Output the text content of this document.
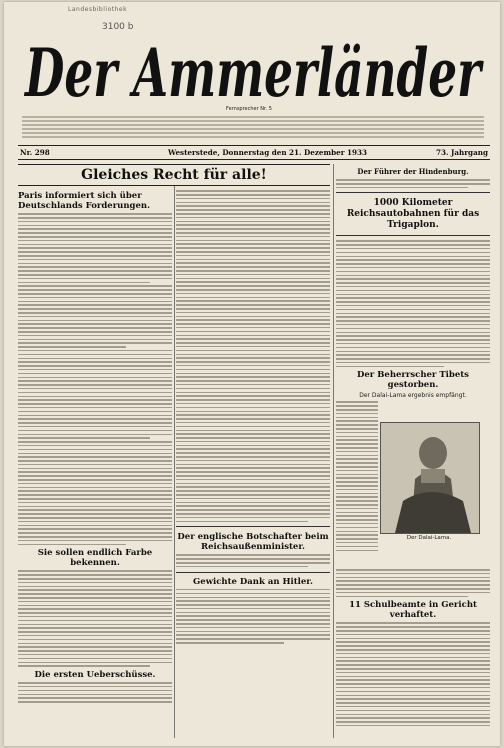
Landesbibliothek
3100 b
Der Ammerländer
Fernsprecher Nr. 5
Nr. 298	Westerstede, Donnerstag den 21. Dezember 1933	73. Jahrgang
Gleiches Recht für alle!
Paris informiert sich über Deutschlands Forderungen.
Sie sollen endlich Farbe bekennen.
Die ersten Ueberschüsse.
Der englische Botschafter beim Reichsaußenminister.
Gewichte Dank an Hitler.
Der Führer der Hindenburg.
1000 Kilometer Reichsautobahnen für das Trigaplon.
Der Beherrscher Tibets gestorben.
Der Dalai-Lama ergebnis empfängt.
11 Schulbeamte in Gericht verhaftet.
Der Dalai-Lama.
